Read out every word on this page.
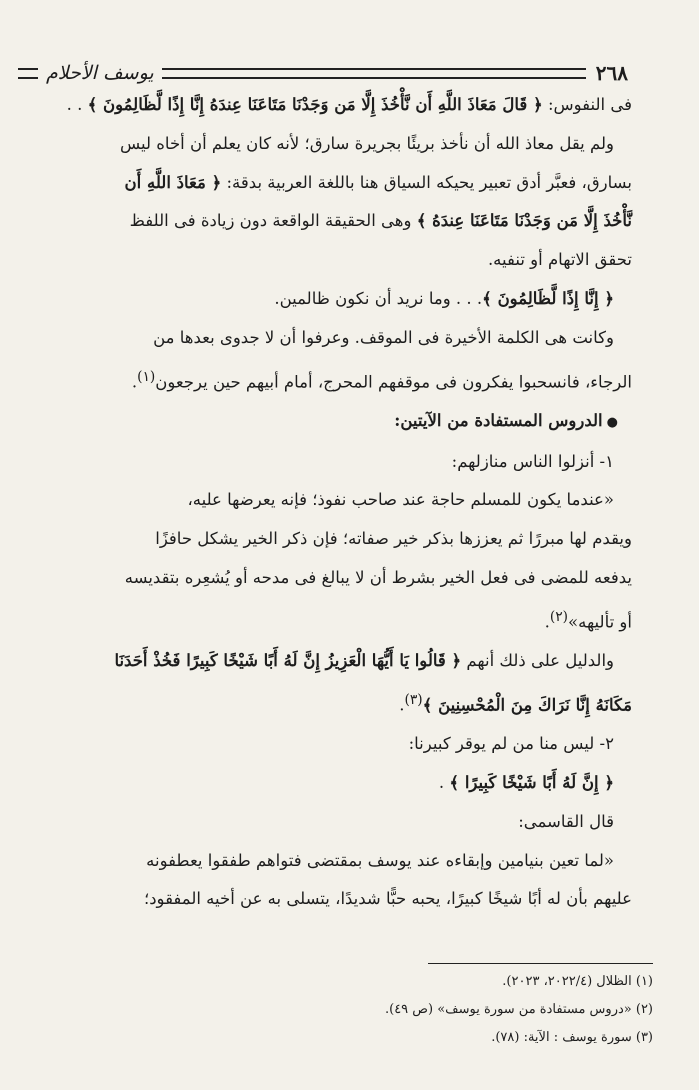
٢٦٨
يوسف الأحلام

فى النفوس: ﴿ قَالَ مَعَاذَ اللَّهِ أَن نَّأْخُذَ إِلَّا مَن وَجَدْنَا مَتَاعَنَا عِندَهُ إِنَّا إِذًا لَّظَالِمُونَ ﴾ . .

ولم يقل معاذ الله أن نأخذ بريئًا بجريرة سارق؛ لأنه كان يعلم أن أخاه ليس

بسارق، فعبَّر أدق تعبير يحيكه السياق هنا باللغة العربية بدقة: ﴿ مَعَاذَ اللَّهِ أَن

نَّأْخُذَ إِلَّا مَن وَجَدْنَا مَتَاعَنَا عِندَهُ ﴾ وهى الحقيقة الواقعة دون زيادة فى اللفظ

تحقق الاتهام أو تنفيه.

﴿ إِنَّا إِذًا لَّظَالِمُونَ ﴾. . . وما نريد أن نكون ظالمين.

وكانت هى الكلمة الأخيرة فى الموقف. وعرفوا أن لا جدوى بعدها من

الرجاء، فانسحبوا يفكرون فى موقفهم المحرج، أمام أبيهم حين يرجعون$^{(١)}$.

●الدروس المستفادة من الآيتين:

١- أنزلوا الناس منازلهم:

«عندما يكون للمسلم حاجة عند صاحب نفوذ؛ فإنه يعرضها عليه،

ويقدم لها مبررًا ثم يعززها بذكر خير صفاته؛ فإن ذكر الخير يشكل حافزًا

يدفعه للمضى فى فعل الخير بشرط أن لا يبالغ فى مدحه أو يُشعِره بتقديسه

أو تأليهه»$^{(٢)}$.

والدليل على ذلك أنهم ﴿ قَالُوا يَا أَيُّهَا الْعَزِيزُ إِنَّ لَهُ أَبًا شَيْخًا كَبِيرًا فَخُذْ أَحَدَنَا

مَكَانَهُ إِنَّا نَرَاكَ مِنَ الْمُحْسِنِينَ ﴾$^{(٣)}$.

٢- ليس منا من لم يوقر كبيرنا:

﴿ إِنَّ لَهُ أَبًا شَيْخًا كَبِيرًا ﴾ .

قال القاسمى:

«لما تعين بنيامين وإبقاءه عند يوسف بمقتضى فتواهم طفقوا يعطفونه

عليهم بأن له أبًا شيخًا كبيرًا، يحبه حبًّا شديدًا، يتسلى به عن أخيه المفقود؛

(١) الظلال (٢٠٢٢/٤، ٢٠٢٣).

(٢) «دروس مستفادة من سورة يوسف» (ص ٤٩).

(٣) سورة يوسف : الآية: (٧٨).
